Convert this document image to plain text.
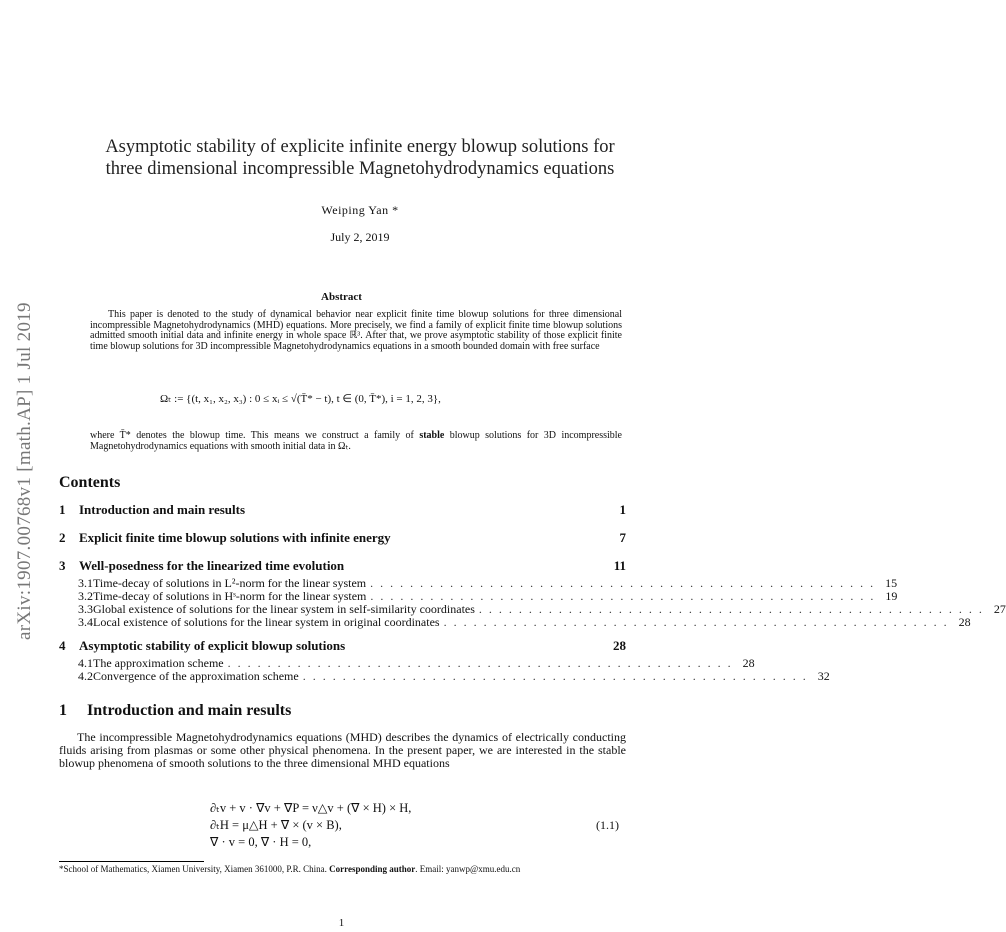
arXiv:1907.00768v1 [math.AP] 1 Jul 2019
Asymptotic stability of explicite infinite energy blowup solutions for
three dimensional incompressible Magnetohydrodynamics equations
Weiping Yan *
July 2, 2019
Abstract
This paper is denoted to the study of dynamical behavior near explicit finite time blowup solutions for three dimensional incompressible Magnetohydrodynamics (MHD) equations. More precisely, we find a family of explicit finite time blowup solutions admitted smooth initial data and infinite energy in whole space ℝ³. After that, we prove asymptotic stability of those explicit finite time blowup solutions for 3D incompressible Magnetohydrodynamics equations in a smooth bounded domain with free surface
Ωₜ := {(t, x₁, x₂, x₃) : 0 ≤ xᵢ ≤ √(T̄* − t), t ∈ (0, T̄*), i = 1, 2, 3},
where T̄* denotes the blowup time. This means we construct a family of stable blowup solutions for 3D incompressible Magnetohydrodynamics equations with smooth initial data in Ωₜ.
Contents
1	Introduction and main results	1
2	Explicit finite time blowup solutions with infinite energy	7
3	Well-posedness for the linearized time evolution	11
3.1 Time-decay of solutions in L²-norm for the linear system . . . . . . . . . . . . . . . . . . . . . . . . . . . . . . . . . . . . . . . . . . . . . . . . . . . 15
3.2 Time-decay of solutions in Hˢ-norm for the linear system . . . . . . . . . . . . . . . . . . . . . . . . . . . . . . . . . . . . . . . . . . . . . . . . . . . 19
3.3 Global existence of solutions for the linear system in self-similarity coordinates . . . . . . . . . . . . . . . . . . . . . . . . . . . . . . . . . . . . . . . . . . . . . . . . . . . 27
3.4 Local existence of solutions for the linear system in original coordinates . . . . . . . . . . . . . . . . . . . . . . . . . . . . . . . . . . . . . . . . . . . . . . . . . . . 28
4	Asymptotic stability of explicit blowup solutions	28
4.1 The approximation scheme . . . . . . . . . . . . . . . . . . . . . . . . . . . . . . . . . . . . . . . . . . . . . . . . . . . 28
4.2 Convergence of the approximation scheme . . . . . . . . . . . . . . . . . . . . . . . . . . . . . . . . . . . . . . . . . . . . . . . . . . . 32
1 Introduction and main results
The incompressible Magnetohydrodynamics equations (MHD) describes the dynamics of electrically conducting fluids arising from plasmas or some other physical phenomena. In the present paper, we are interested in the stable blowup phenomena of smooth solutions to the three dimensional MHD equations
∂ₜv + v · ∇v + ∇P = ν△v + (∇ × H) × H,
∂ₜH = μ△H + ∇ × (v × B),
∇ · v = 0, ∇ · H = 0,
(1.1)
*School of Mathematics, Xiamen University, Xiamen 361000, P.R. China. Corresponding author. Email: yanwp@xmu.edu.cn
1
